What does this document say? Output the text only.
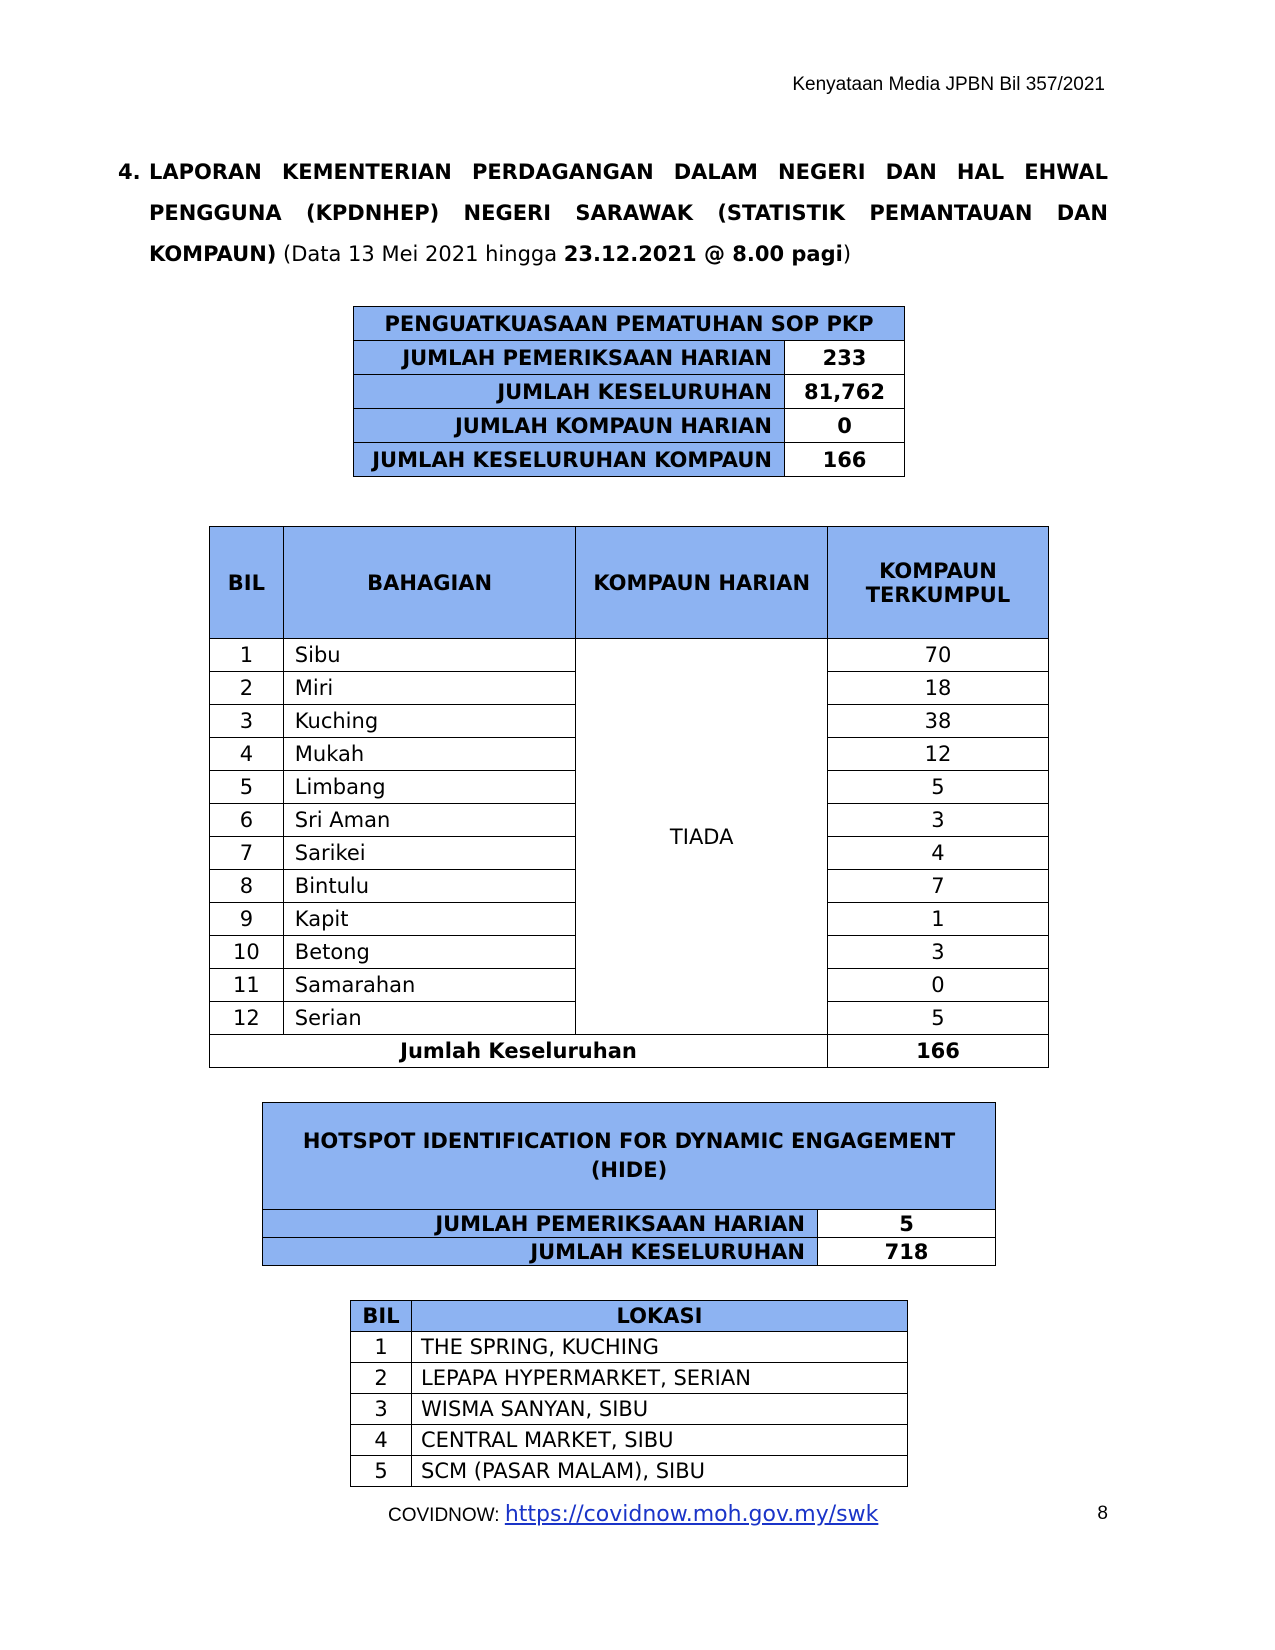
Kenyataan Media JPBN Bil 357/2021
4. LAPORAN KEMENTERIAN PERDAGANGAN DALAM NEGERI DAN HAL EHWAL PENGGUNA (KPDNHEP) NEGERI SARAWAK (STATISTIK PEMANTAUAN DAN KOMPAUN) (Data 13 Mei 2021 hingga 23.12.2021 @ 8.00 pagi)
PENGUATKUASAAN PEMATUHAN SOP PKP	
JUMLAH PEMERIKSAAN HARIAN	233
JUMLAH KESELURUHAN	81,762
JUMLAH KOMPAUN HARIAN	0
JUMLAH KESELURUHAN KOMPAUN	166
BIL	BAHAGIAN	KOMPAUN HARIAN	KOMPAUN TERKUMPUL
1	Sibu	TIADA	70
2	Miri		18
3	Kuching		38
4	Mukah		12
5	Limbang		5
6	Sri Aman		3
7	Sarikei		4
8	Bintulu		7
9	Kapit		1
10	Betong		3
11	Samarahan		0
12	Serian		5
Jumlah Keseluruhan			166
HOTSPOT IDENTIFICATION FOR DYNAMIC ENGAGEMENT
(HIDE)	

JUMLAH PEMERIKSAAN HARIAN	5
JUMLAH KESELURUHAN	718
BIL	LOKASI
1	THE SPRING, KUCHING
2	LEPAPA HYPERMARKET, SERIAN
3	WISMA SANYAN, SIBU
4	CENTRAL MARKET, SIBU
5	SCM (PASAR MALAM), SIBU
COVIDNOW: https://covidnow.moh.gov.my/swk	8
